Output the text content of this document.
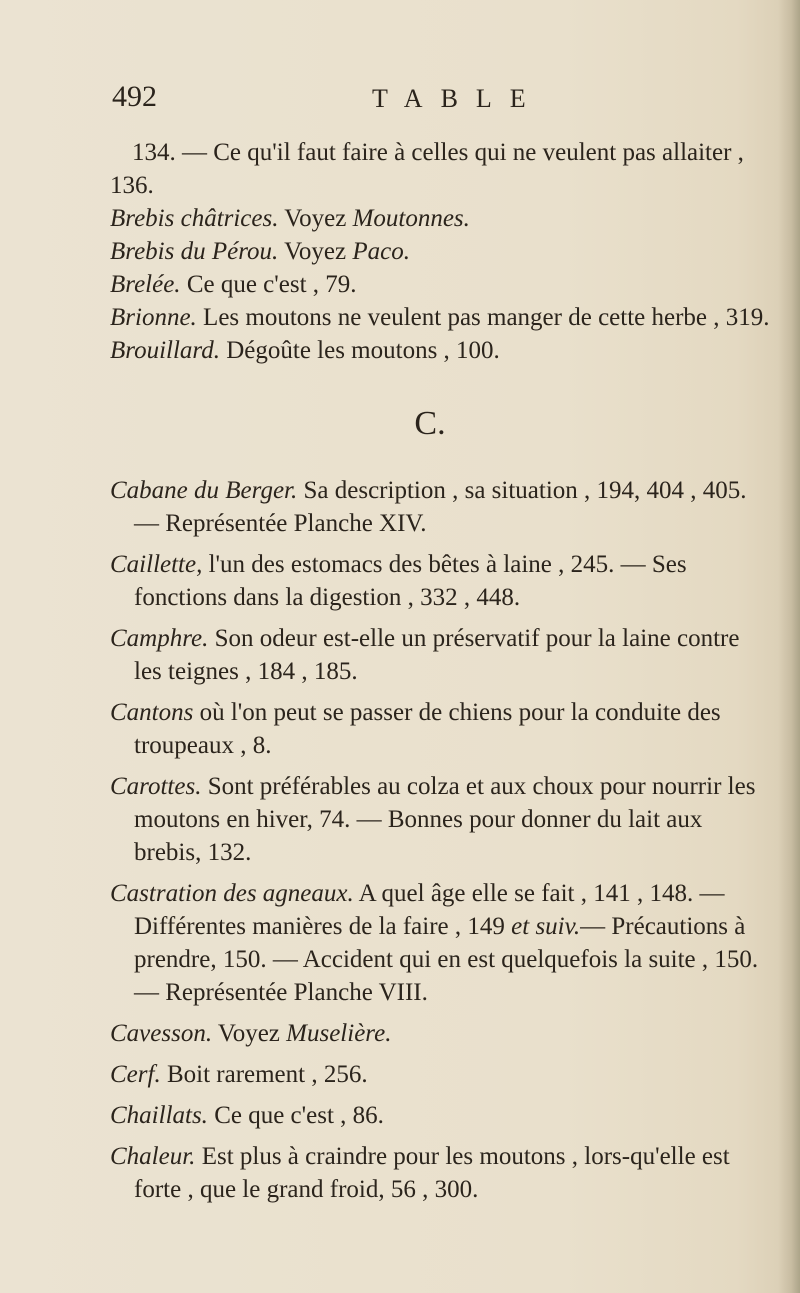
492	TABLE

134. — Ce qu'il faut faire à celles qui ne veulent pas allaiter , 136.

Brebis châtrices. Voyez Moutonnes.

Brebis du Pérou. Voyez Paco.

Brelée. Ce que c'est , 79.

Brionne. Les moutons ne veulent pas manger de cette herbe , 319.

Brouillard. Dégoûte les moutons , 100.

C.

Cabane du Berger. Sa description , sa situation , 194, 404 , 405. — Représentée Planche XIV.

Caillette, l'un des estomacs des bêtes à laine , 245. — Ses fonctions dans la digestion , 332 , 448.

Camphre. Son odeur est-elle un préservatif pour la laine contre les teignes , 184 , 185.

Cantons où l'on peut se passer de chiens pour la conduite des troupeaux , 8.

Carottes. Sont préférables au colza et aux choux pour nourrir les moutons en hiver, 74. — Bonnes pour donner du lait aux brebis, 132.

Castration des agneaux. A quel âge elle se fait , 141 , 148. — Différentes manières de la faire , 149 et suiv.— Précautions à prendre, 150. — Accident qui en est quelquefois la suite , 150. — Représentée Planche VIII.

Cavesson. Voyez Muselière.

Cerf. Boit rarement , 256.

Chaillats. Ce que c'est , 86.

Chaleur. Est plus à craindre pour les moutons , lors-qu'elle est forte , que le grand froid, 56 , 300.
